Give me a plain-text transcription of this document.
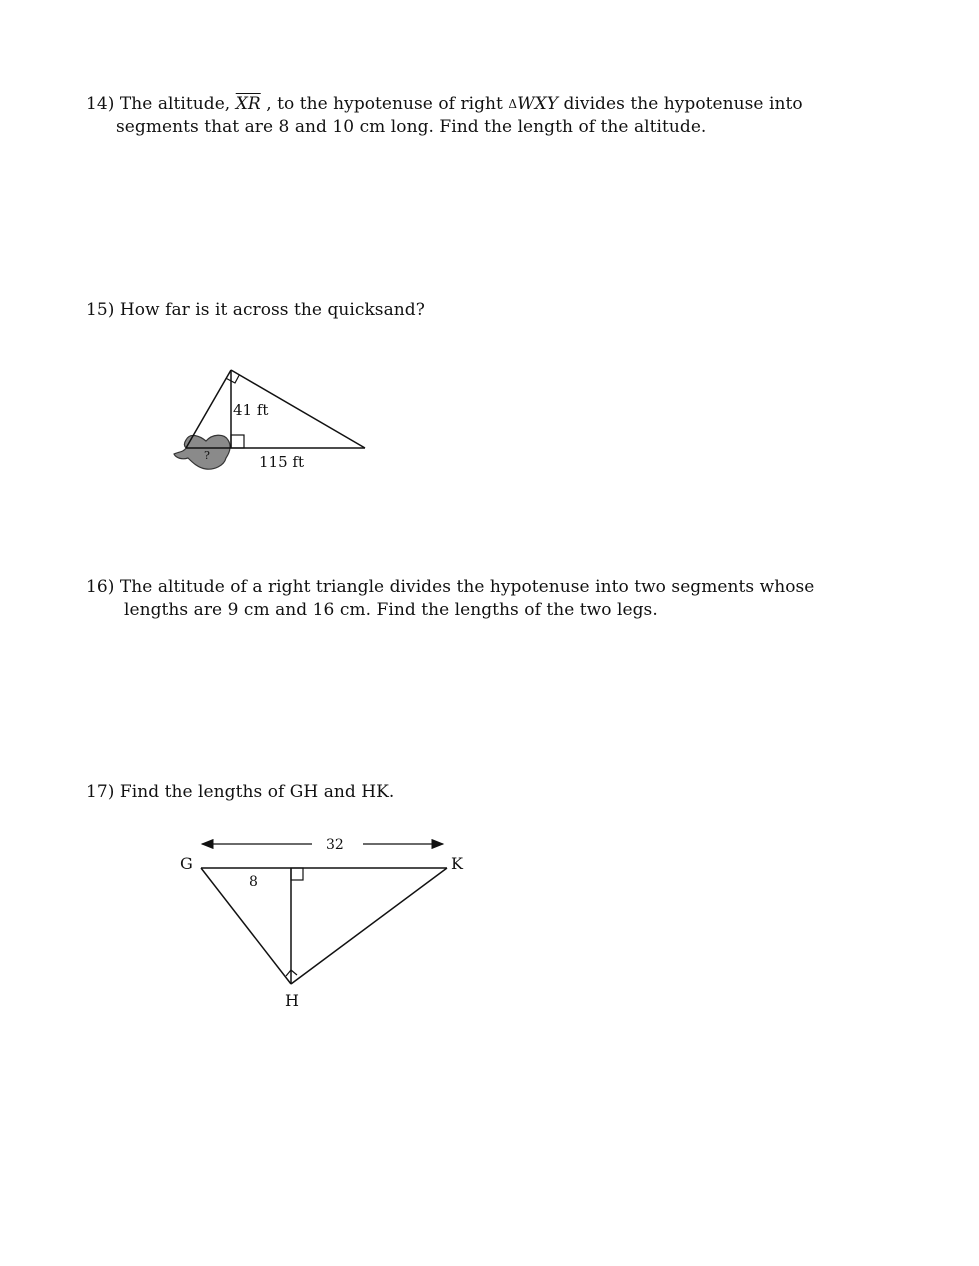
14) The altitude, $\overline{XR}$ , to the hypotenuse of right ΔWXY divides the hypotenuse into
segments that are 8 and 10 cm long. Find the length of the altitude.
15) How far is it across the quicksand?
41 ft
115 ft
?
16) The altitude of a right triangle divides the hypotenuse into two segments whose
lengths are 9 cm and 16 cm. Find the lengths of the two legs.
17) Find the lengths of GH and HK.
32
8
G	K
H
